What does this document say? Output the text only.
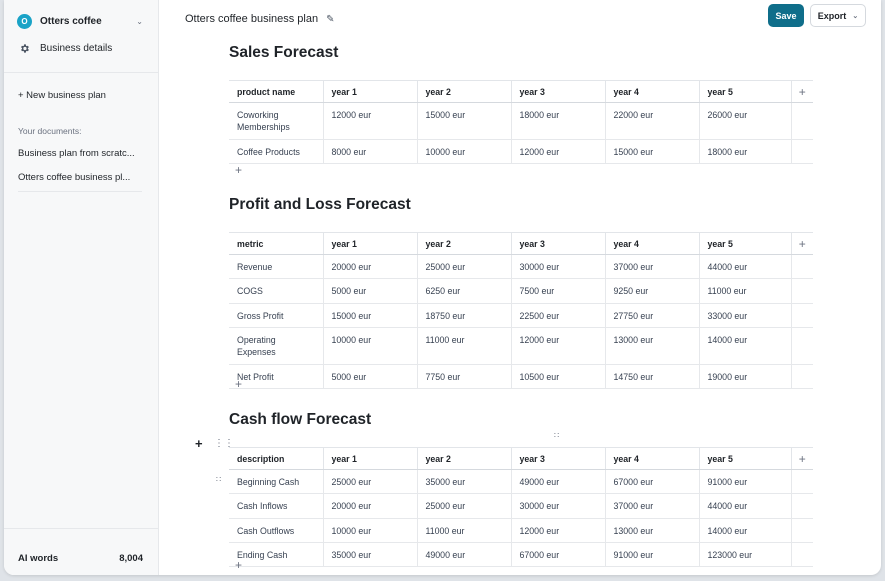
O	Otters coffee	⌄
Business details
+ New business plan
Your documents:
Business plan from scratc...
Otters coffee business pl...
AI words	8,004
Otters coffee business plan ✎	Save	Export ⌄
Sales Forecast
product name	year 1	year 2	year 3	year 4	year 5	+
Coworking Memberships	12000 eur	15000 eur	18000 eur	22000 eur	26000 eur	
Coffee Products	8000 eur	10000 eur	12000 eur	15000 eur	18000 eur	
+
Profit and Loss Forecast
metric	year 1	year 2	year 3	year 4	year 5	+
Revenue	20000 eur	25000 eur	30000 eur	37000 eur	44000 eur	
COGS	5000 eur	6250 eur	7500 eur	9250 eur	11000 eur	
Gross Profit	15000 eur	18750 eur	22500 eur	27750 eur	33000 eur	
Operating Expenses	10000 eur	11000 eur	12000 eur	13000 eur	14000 eur	
Net Profit	5000 eur	7750 eur	10500 eur	14750 eur	19000 eur	
+
Cash flow Forecast
∷
+ ⋮⋮
description	year 1	year 2	year 3	year 4	year 5	+
Beginning Cash	25000 eur	35000 eur	49000 eur	67000 eur	91000 eur	
Cash Inflows	20000 eur	25000 eur	30000 eur	37000 eur	44000 eur	
Cash Outflows	10000 eur	11000 eur	12000 eur	13000 eur	14000 eur	
Ending Cash	35000 eur	49000 eur	67000 eur	91000 eur	123000 eur	
∷
+
